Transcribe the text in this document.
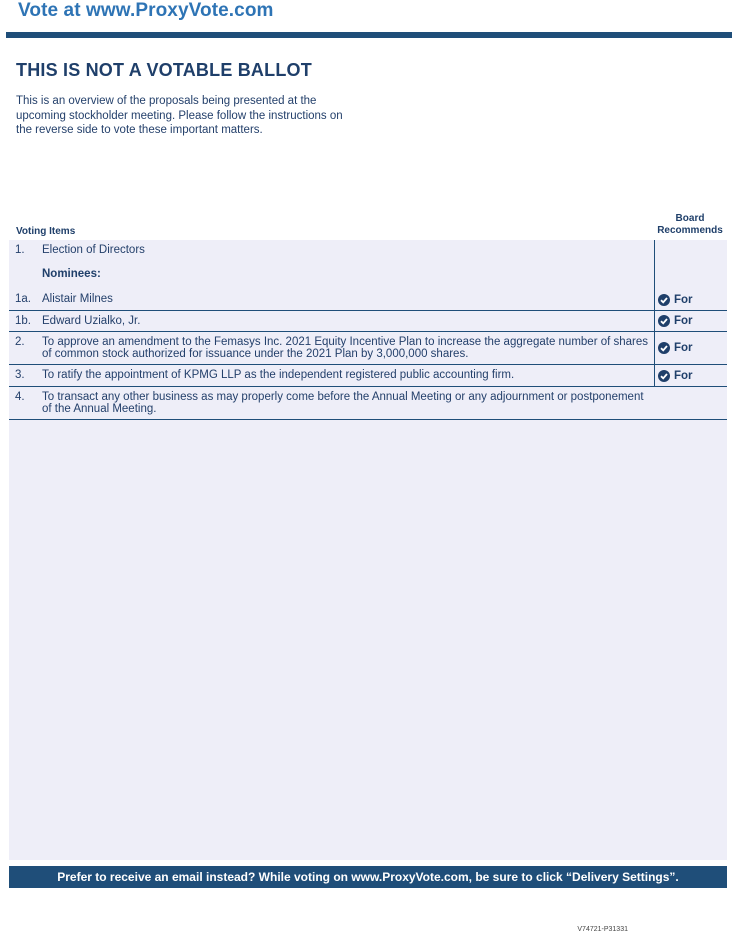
Vote at www.ProxyVote.com
THIS IS NOT A VOTABLE BALLOT
This is an overview of the proposals being presented at the
upcoming stockholder meeting. Please follow the instructions on
the reverse side to vote these important matters.
Voting Items
Board
Recommends
1.	Election of Directors
Nominees:
1a. Alistair Milnes	For
1b. Edward Uzialko, Jr.	For
2.	To approve an amendment to the Femasys Inc. 2021 Equity Incentive Plan to increase the aggregate number of shares of common stock authorized for issuance under the 2021 Plan by 3,000,000 shares.	For
3.	To ratify the appointment of KPMG LLP as the independent registered public accounting firm.	For
4.	To transact any other business as may properly come before the Annual Meeting or any adjournment or postponement of the Annual Meeting.
Prefer to receive an email instead? While voting on www.ProxyVote.com, be sure to click “Delivery Settings”.
V74721-P31331
